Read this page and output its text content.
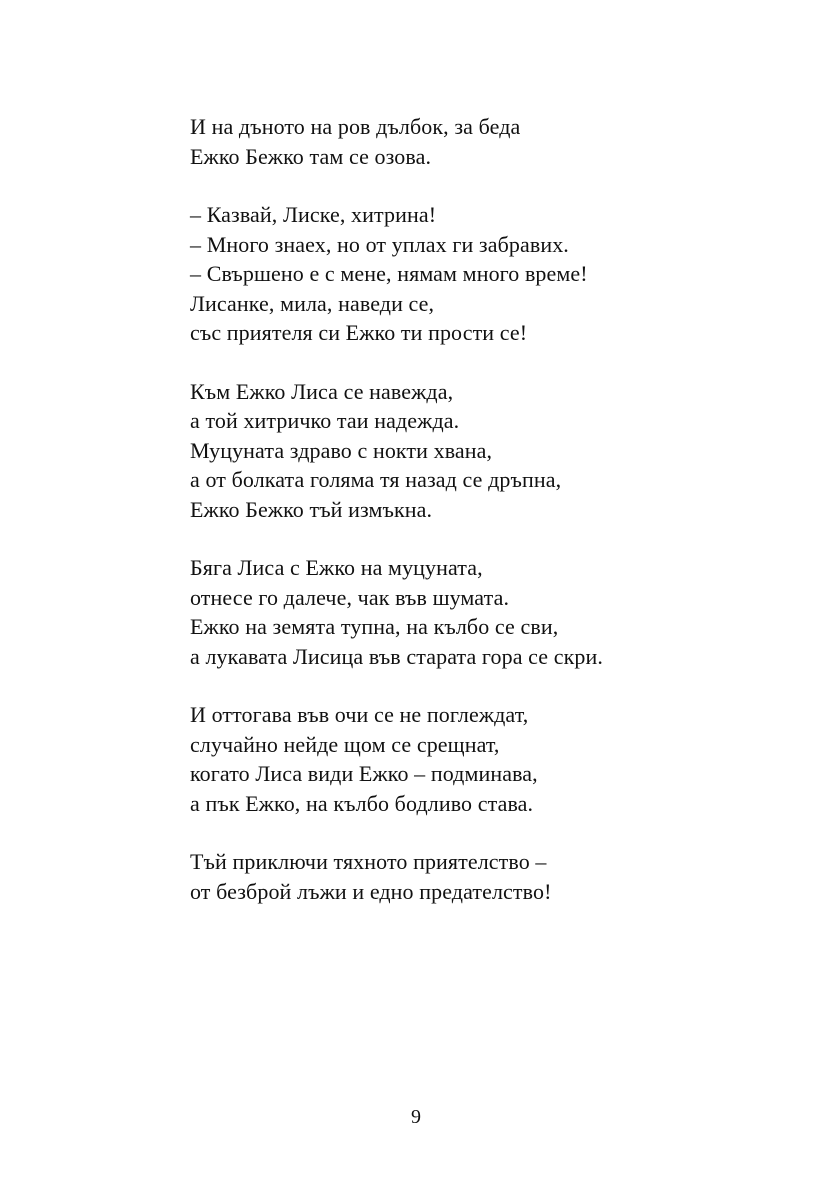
И на дъното на ров дълбок, за беда
Ежко Бежко там се озова.
– Казвай, Лиске, хитрина!
– Много знаех, но от уплах ги забравих.
– Свършено е с мене, нямам много време!
Лисанке, мила, наведи се,
със приятеля си Ежко ти прости се!
Към Ежко Лиса се навежда,
а той хитричко таи надежда.
Муцуната здраво с нокти хвана,
а от болката голяма тя назад се дръпна,
Ежко Бежко тъй измъкна.
Бяга Лиса с Ежко на муцуната,
отнесе го далече, чак във шумата.
Ежко на земята тупна, на кълбо се сви,
а лукавата Лисица във старата гора се скри.
И оттогава във очи се не поглеждат,
случайно нейде щом се срещнат,
когато Лиса види Ежко – подминава,
а пък Ежко, на кълбо бодливо става.
Тъй приключи тяхното приятелство –
от безброй лъжи и едно предателство!
9
